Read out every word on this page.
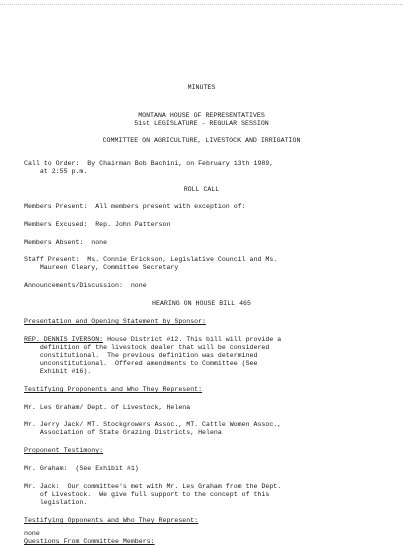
MINUTES
MONTANA HOUSE OF REPRESENTATIVES
51st LEGISLATURE - REGULAR SESSION
COMMITTEE ON AGRICULTURE, LIVESTOCK AND IRRIGATION
Call to Order:  By Chairman Bob Bachini, on February 13th 1989,
at 2:55 p.m.
ROLL CALL
Members Present:  All members present with exception of:
Members Excused:  Rep. John Patterson
Members Absent:  none
Staff Present:  Ms. Connie Erickson, Legislative Council and Ms.
Maureen Cleary, Committee Secretary
Announcements/Discussion:  none
HEARING ON HOUSE BILL 465
Presentation and Opening Statement by Sponsor:
REP. DENNIS IVERSON: House District #12. This bill will provide a
definition of the livestock dealer that will be considered
constitutional.  The previous definition was determined
unconstitutional.  Offered amendments to Committee (See
Exhibit #16).
Testifying Proponents and Who They Represent:
Mr. Les Graham/ Dept. of Livestock, Helena
Mr. Jerry Jack/ MT. Stockgrowers Assoc., MT. Cattle Women Assoc.,
Association of State Grazing Districts, Helena
Proponent Testimony:
Mr. Graham:  (See Exhibit #1)
Mr. Jack:  Our committee's met with Mr. Les Graham from the Dept.
of Livestock.  We give full support to the concept of this
legislation.
Testifying Opponents and Who They Represent:
none
Questions From Committee Members:
